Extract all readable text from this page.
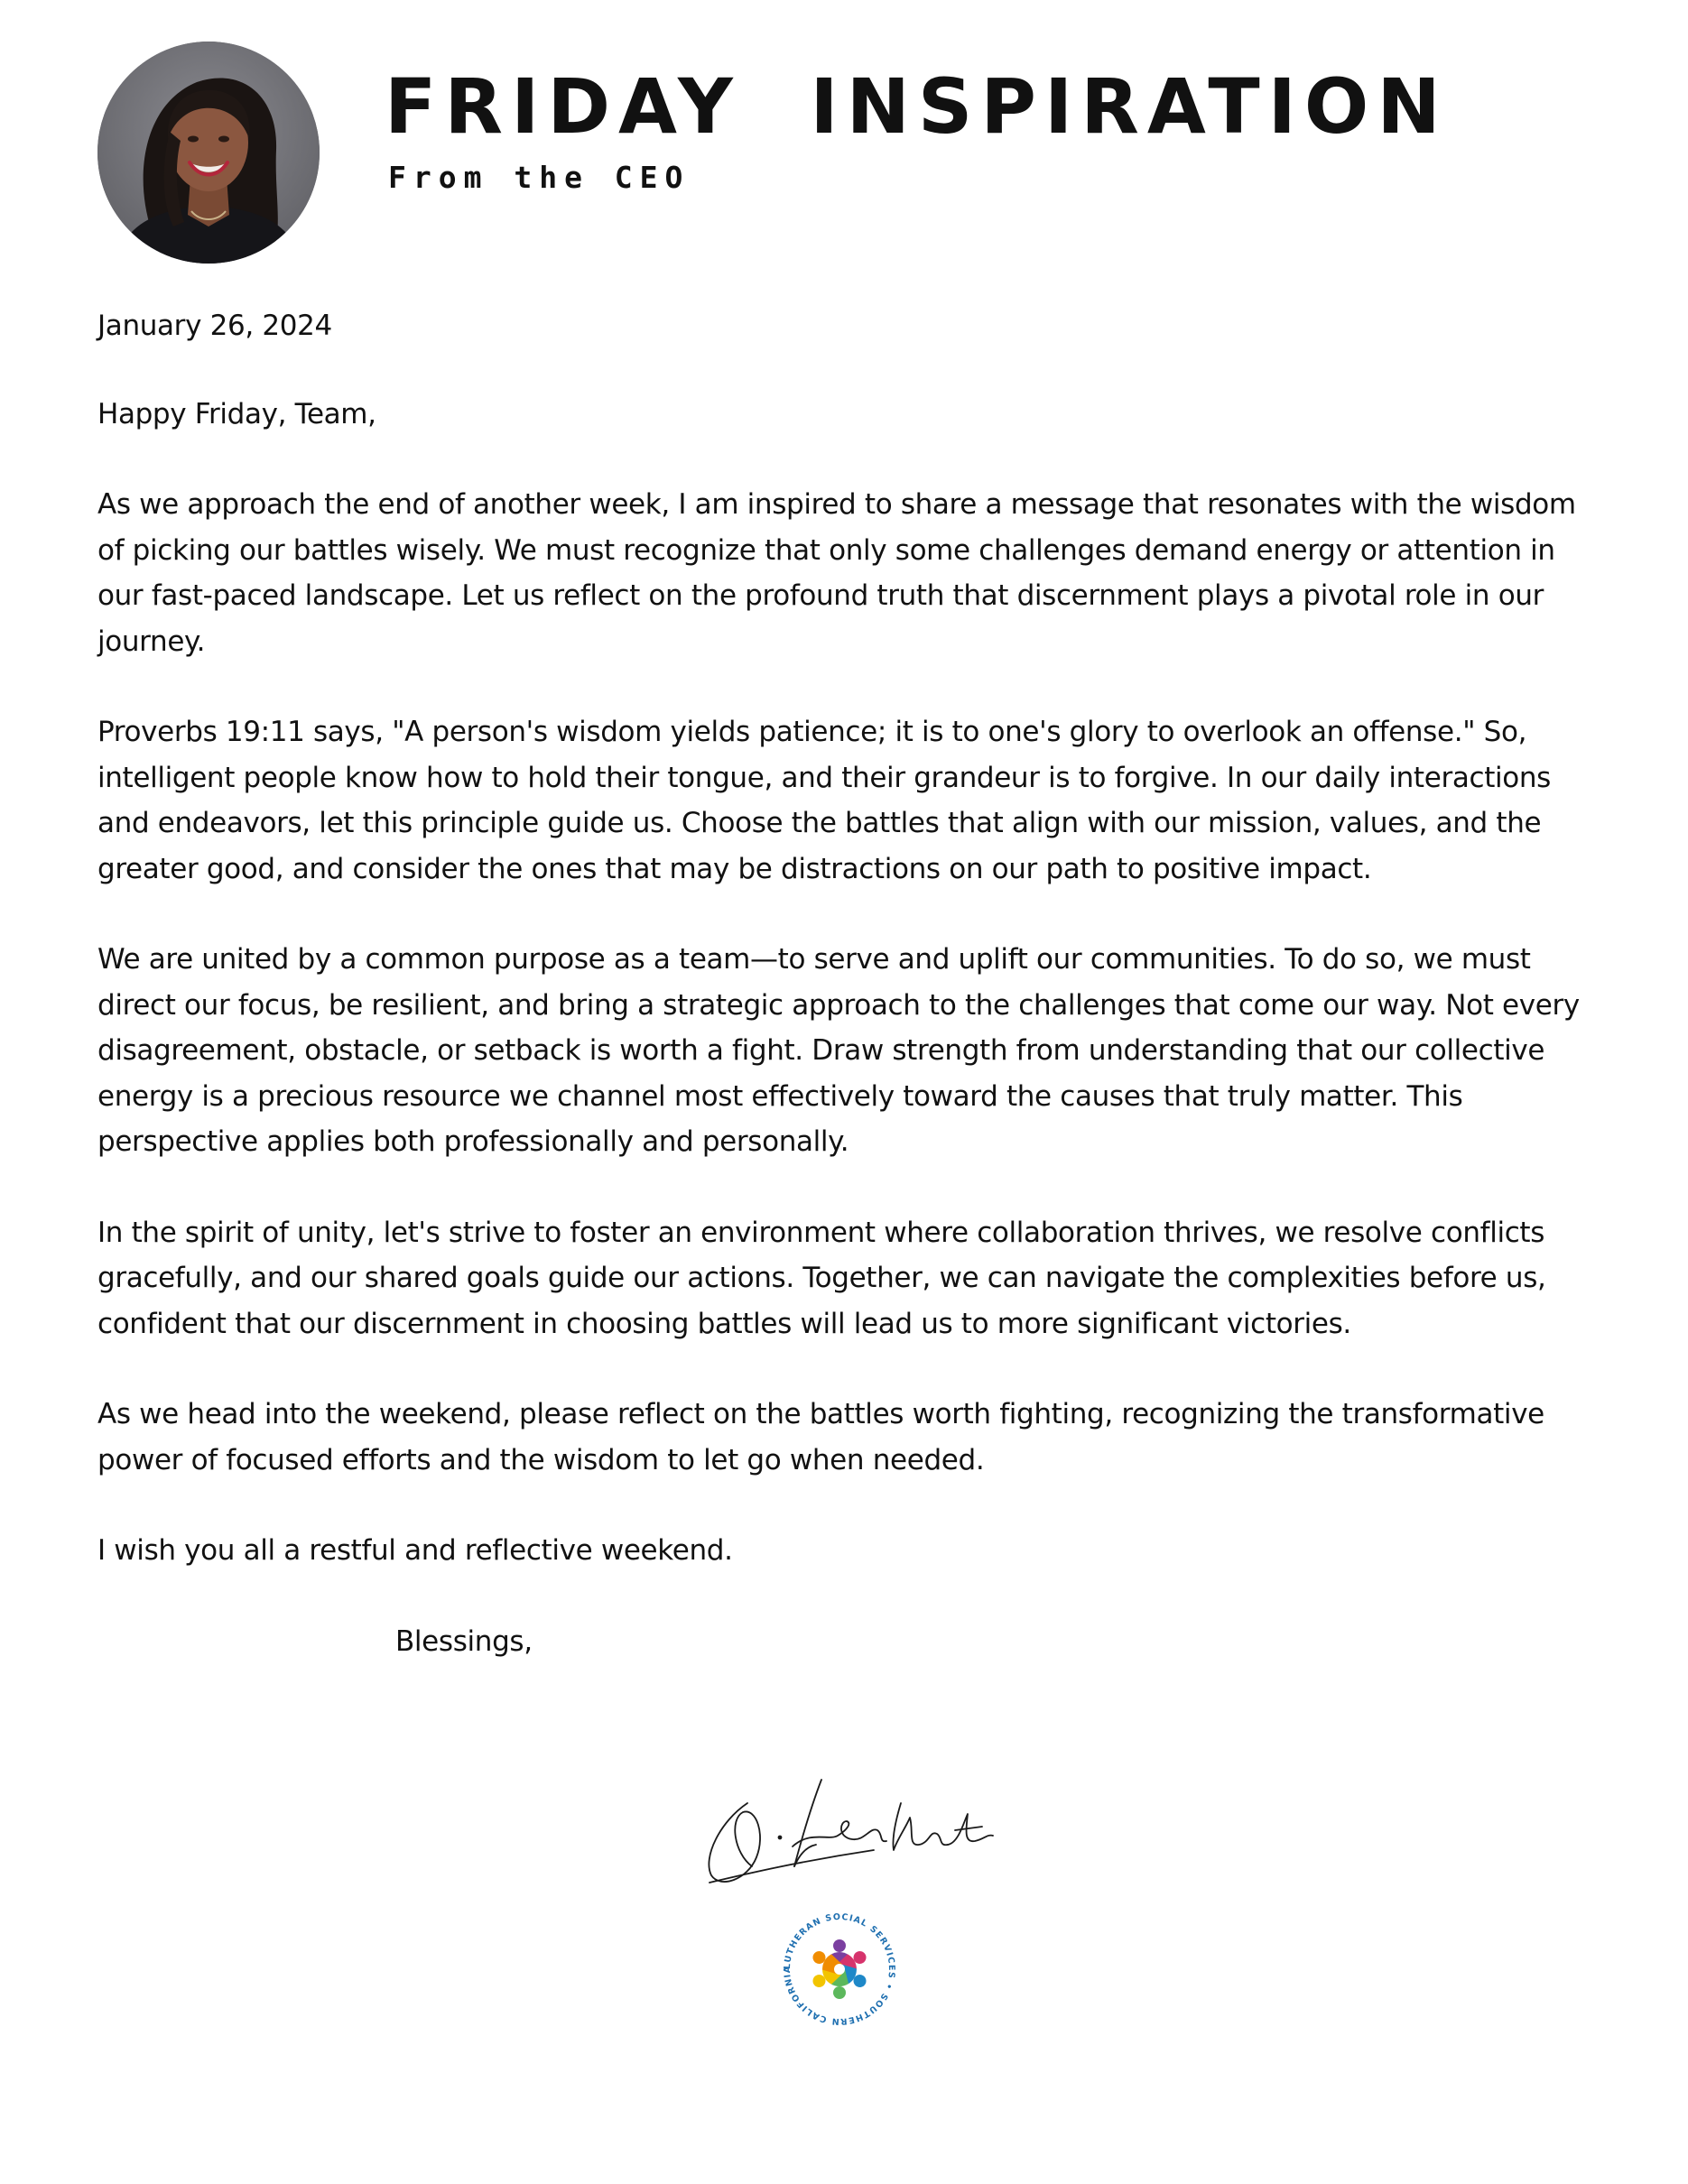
FRIDAY  INSPIRATION

From the CEO

January 26, 2024

Happy Friday, Team,

As we approach the end of another week, I am inspired to share a message that resonates with the wisdom of picking our battles wisely. We must recognize that only some challenges demand energy or attention in our fast-paced landscape. Let us reflect on the profound truth that discernment plays a pivotal role in our journey.

Proverbs 19:11 says, "A person's wisdom yields patience; it is to one's glory to overlook an offense." So, intelligent people know how to hold their tongue, and their grandeur is to forgive. In our daily interactions and endeavors, let this principle guide us. Choose the battles that align with our mission, values, and the greater good, and consider the ones that may be distractions on our path to positive impact.

We are united by a common purpose as a team—to serve and uplift our communities. To do so, we must direct our focus, be resilient, and bring a strategic approach to the challenges that come our way. Not every disagreement, obstacle, or setback is worth a fight. Draw strength from understanding that our collective energy is a precious resource we channel most effectively toward the causes that truly matter. This perspective applies both professionally and personally.

In the spirit of unity, let's strive to foster an environment where collaboration thrives, we resolve conflicts gracefully, and our shared goals guide our actions. Together, we can navigate the complexities before us, confident that our discernment in choosing battles will lead us to more significant victories.

As we head into the weekend, please reflect on the battles worth fighting, recognizing the transformative power of focused efforts and the wisdom to let go when needed.

I wish you all a restful and reflective weekend.

Blessings,

LUTHERAN SOCIAL SERVICES • SOUTHERN CALIFORNIA
